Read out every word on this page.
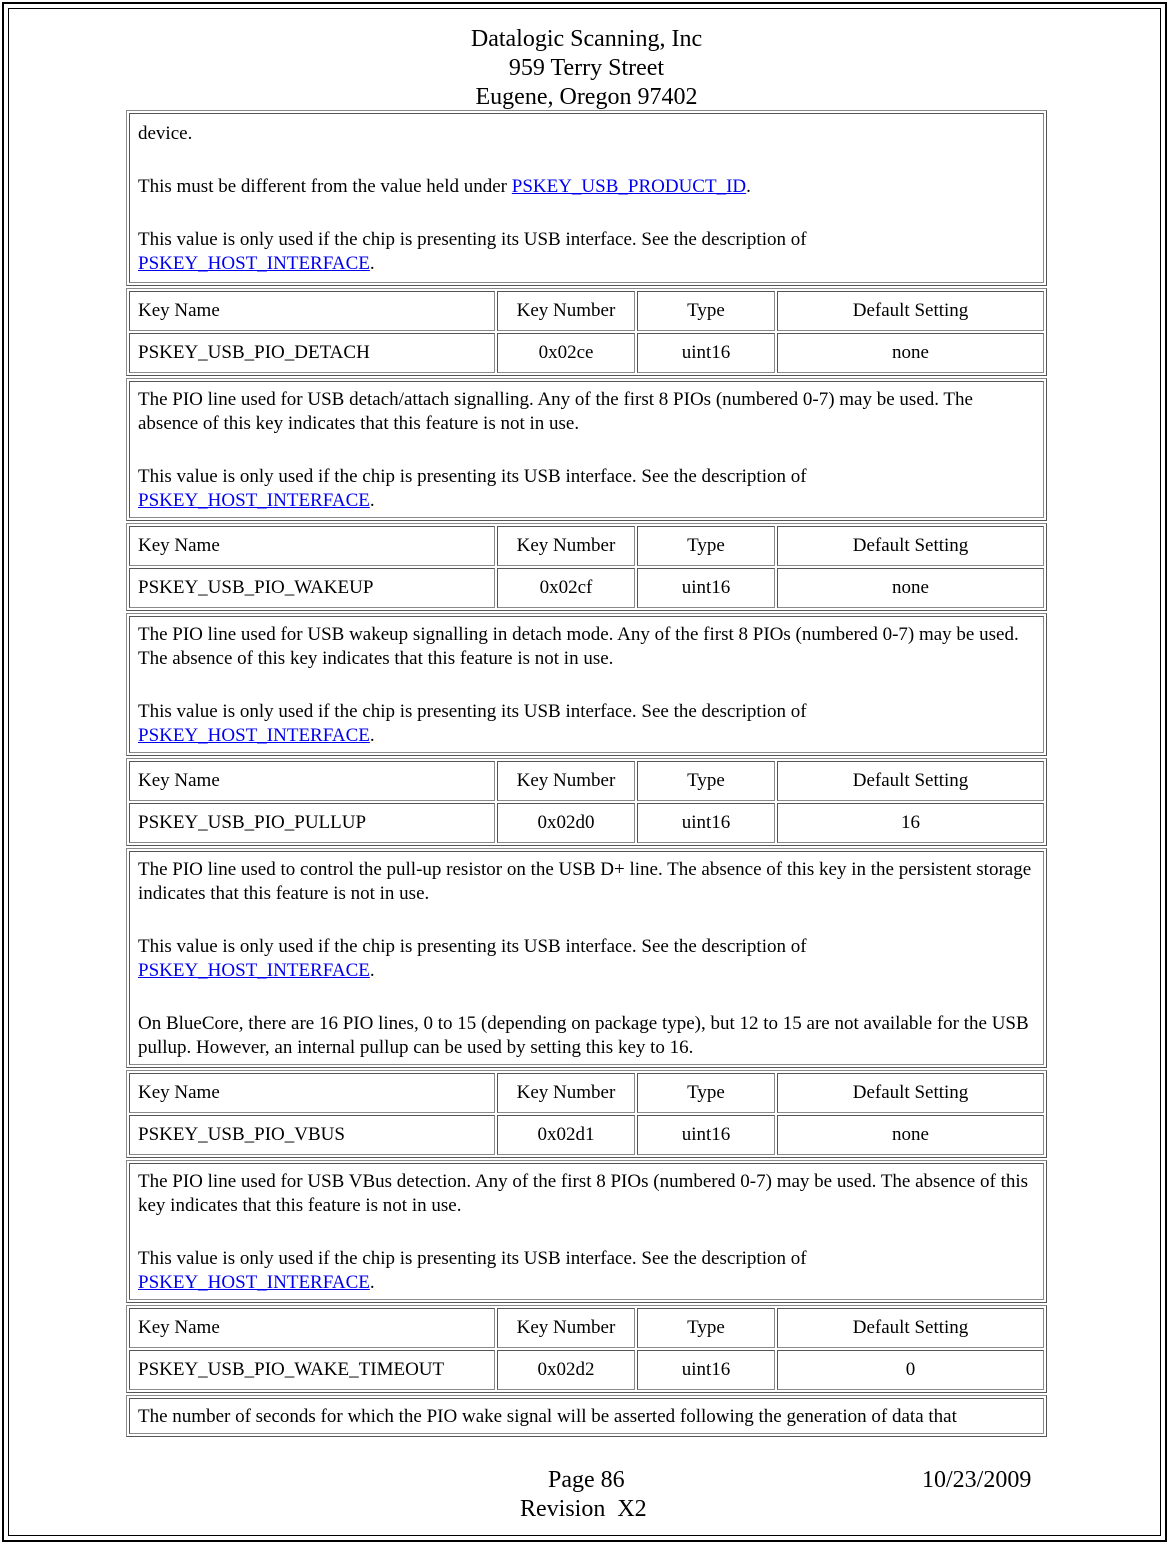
Datalogic Scanning, Inc
959 Terry Street
Eugene, Oregon 97402

device.

This must be different from the value held under PSKEY_USB_PRODUCT_ID.

This value is only used if the chip is presenting its USB interface. See the description of PSKEY_HOST_INTERFACE.

Key Name	Key Number	Type	Default Setting
PSKEY_USB_PIO_DETACH	0x02ce	uint16	none

The PIO line used for USB detach/attach signalling. Any of the first 8 PIOs (numbered 0-7) may be used. The absence of this key indicates that this feature is not in use.

This value is only used if the chip is presenting its USB interface. See the description of PSKEY_HOST_INTERFACE.

Key Name	Key Number	Type	Default Setting
PSKEY_USB_PIO_WAKEUP	0x02cf	uint16	none

The PIO line used for USB wakeup signalling in detach mode. Any of the first 8 PIOs (numbered 0-7) may be used. The absence of this key indicates that this feature is not in use.

This value is only used if the chip is presenting its USB interface. See the description of PSKEY_HOST_INTERFACE.

Key Name	Key Number	Type	Default Setting
PSKEY_USB_PIO_PULLUP	0x02d0	uint16	16

The PIO line used to control the pull-up resistor on the USB D+ line. The absence of this key in the persistent storage indicates that this feature is not in use.

This value is only used if the chip is presenting its USB interface. See the description of PSKEY_HOST_INTERFACE.

On BlueCore, there are 16 PIO lines, 0 to 15 (depending on package type), but 12 to 15 are not available for the USB pullup. However, an internal pullup can be used by setting this key to 16.

Key Name	Key Number	Type	Default Setting
PSKEY_USB_PIO_VBUS	0x02d1	uint16	none

The PIO line used for USB VBus detection. Any of the first 8 PIOs (numbered 0-7) may be used. The absence of this key indicates that this feature is not in use.

This value is only used if the chip is presenting its USB interface. See the description of PSKEY_HOST_INTERFACE.

Key Name	Key Number	Type	Default Setting
PSKEY_USB_PIO_WAKE_TIMEOUT	0x02d2	uint16	0

The number of seconds for which the PIO wake signal will be asserted following the generation of data that

Page 86	10/23/2009
Revision  X2
